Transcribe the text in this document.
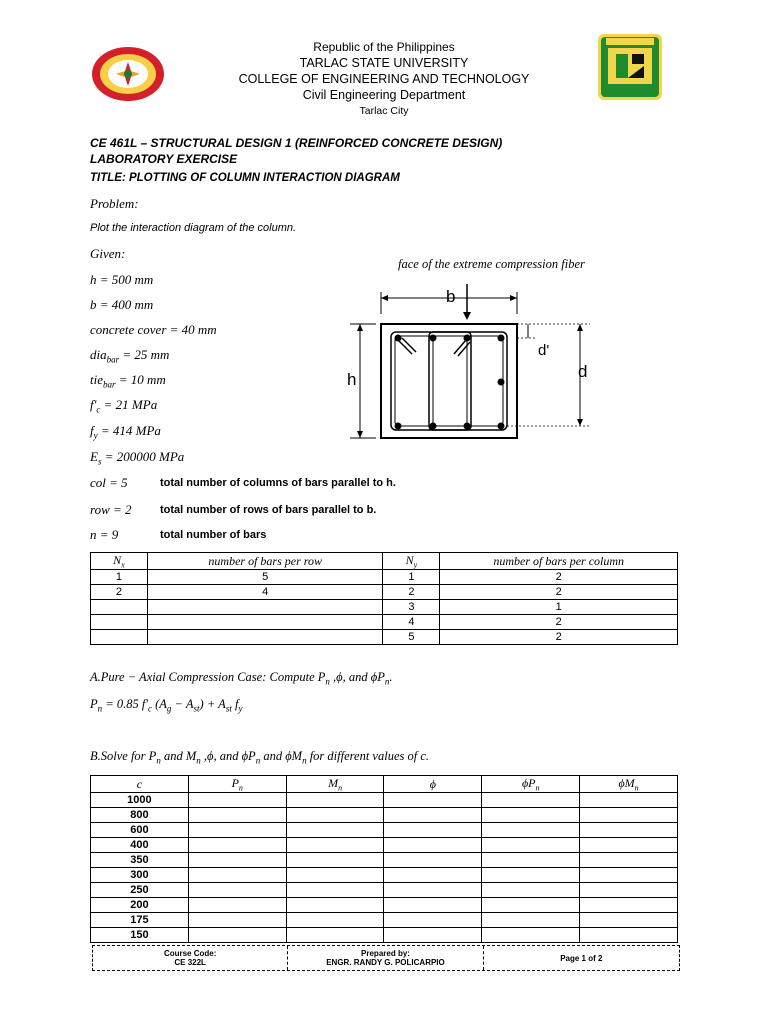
Republic of the Philippines
TARLAC STATE UNIVERSITY
COLLEGE OF ENGINEERING AND TECHNOLOGY
Civil Engineering Department
Tarlac City
CE 461L – STRUCTURAL DESIGN 1 (REINFORCED CONCRETE DESIGN)
LABORATORY EXERCISE
TITLE: PLOTTING OF COLUMN INTERACTION DIAGRAM
Problem:
Plot the interaction diagram of the column.
Given:
h = 500 mm
b = 400 mm
concrete cover = 40 mm
dia$_{bar}$ = 25 mm
tie$_{bar}$ = 10 mm
$f'_c = 21$ MPa
$f_y = 414$ MPa
$E_s = 200000$ MPa
col = 5	total number of columns of bars parallel to h.
row = 2	total number of rows of bars parallel to b.
n = 9	total number of bars
face of the extreme compression fiber
b
h
d'
d
$N_x$	number of bars per row	$N_y$	number of bars per column
1	5	1	2
2	4	2	2
		3	1
		4	2
		5	2
A.Pure − Axial Compression Case: Compute $P_n$ ,ϕ, and $\phi P_n$.
$P_n = 0.85$ $f'_c$ $(A_g - A_{st}) + A_{st}$ $f_y$
B.Solve for $P_n$ and $M_n$ ,ϕ, and $\phi P_n$ and $\phi M_n$ for different values of c.
c	$P_n$	$M_n$	ϕ	$\phi P_n$	$\phi M_n$
1000					
800					
600					
400					
350					
300					
250					
200					
175					
150					
Course Code:
CE 322L
Prepared by:
ENGR. RANDY G. POLICARPIO	Page 1 of 2
